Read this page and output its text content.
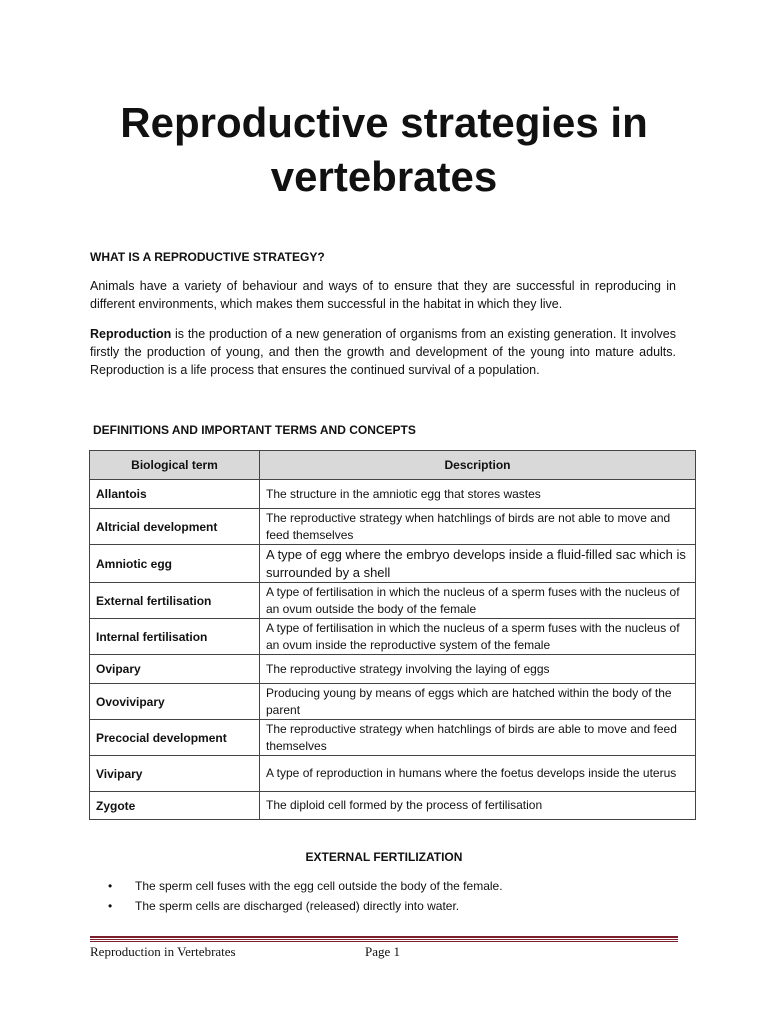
Reproductive strategies in vertebrates
WHAT IS A REPRODUCTIVE STRATEGY?

Animals have a variety of behaviour and ways of to ensure that they are successful in reproducing in different environments, which makes them successful in the habitat in which they live.

Reproduction is the production of a new generation of organisms from an existing generation. It involves firstly the production of young, and then the growth and development of the young into mature adults. Reproduction is a life process that ensures the continued survival of a population.

DEFINITIONS AND IMPORTANT TERMS AND CONCEPTS
Biological term	Description
Allantois	The structure in the amniotic egg that stores wastes
Altricial development	The reproductive strategy when hatchlings of birds are not able to move and feed themselves
Amniotic egg	A type of egg where the embryo develops inside a fluid-filled sac which is surrounded by a shell
External fertilisation	A type of fertilisation in which the nucleus of a sperm fuses with the nucleus of an ovum outside the body of the female
Internal fertilisation	A type of fertilisation in which the nucleus of a sperm fuses with the nucleus of an ovum inside the reproductive system of the female
Ovipary	The reproductive strategy involving the laying of eggs
Ovovivipary	Producing young by means of eggs which are hatched within the body of the parent
Precocial development	The reproductive strategy when hatchlings of birds are able to move and feed themselves
Vivipary	A type of reproduction in humans where the foetus develops inside the uterus
Zygote	The diploid cell formed by the process of fertilisation
EXTERNAL FERTILIZATION
• The sperm cell fuses with the egg cell outside the body of the female.
• The sperm cells are discharged (released) directly into water.
Reproduction in Vertebrates	Page 1
